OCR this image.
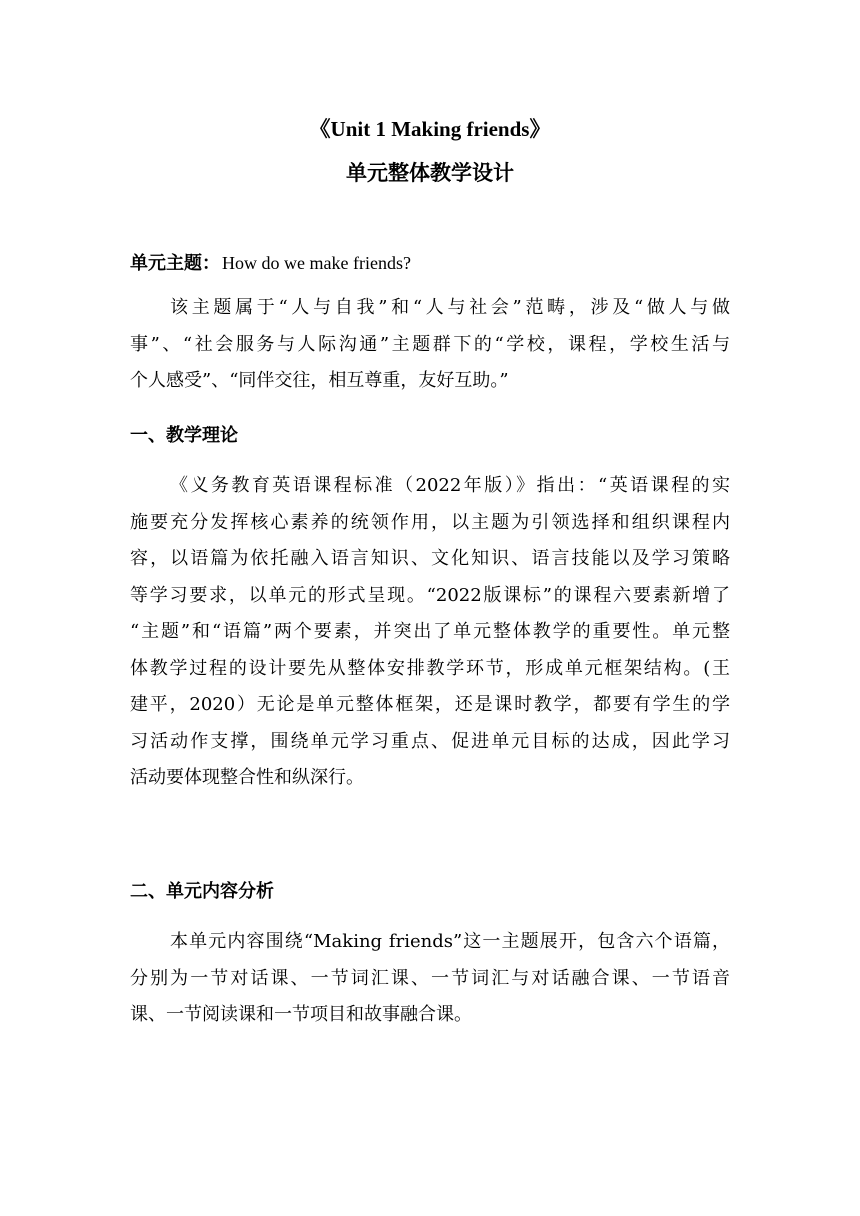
《Unit 1 Making friends》
单元整体教学设计
单元主题： How do we make friends?
该主题属于“人与自我”和“人与社会”范畴，涉及“做人与做
事”、“社会服务与人际沟通”主题群下的“学校，课程，学校生活与
个人感受”、“同伴交往，相互尊重，友好互助。”
一、教学理论
《义务教育英语课程标准（2022年版）》指出：“英语课程的实
施要充分发挥核心素养的统领作用，以主题为引领选择和组织课程内
容，以语篇为依托融入语言知识、文化知识、语言技能以及学习策略
等学习要求，以单元的形式呈现。“2022版课标”的课程六要素新增了
“主题”和“语篇”两个要素，并突出了单元整体教学的重要性。单元整
体教学过程的设计要先从整体安排教学环节，形成单元框架结构。(王
建平，2020）无论是单元整体框架，还是课时教学，都要有学生的学
习活动作支撑，围绕单元学习重点、促进单元目标的达成，因此学习
活动要体现整合性和纵深行。
二、单元内容分析
本单元内容围绕“Making friends”这一主题展开，包含六个语篇，
分别为一节对话课、一节词汇课、一节词汇与对话融合课、一节语音
课、一节阅读课和一节项目和故事融合课。
